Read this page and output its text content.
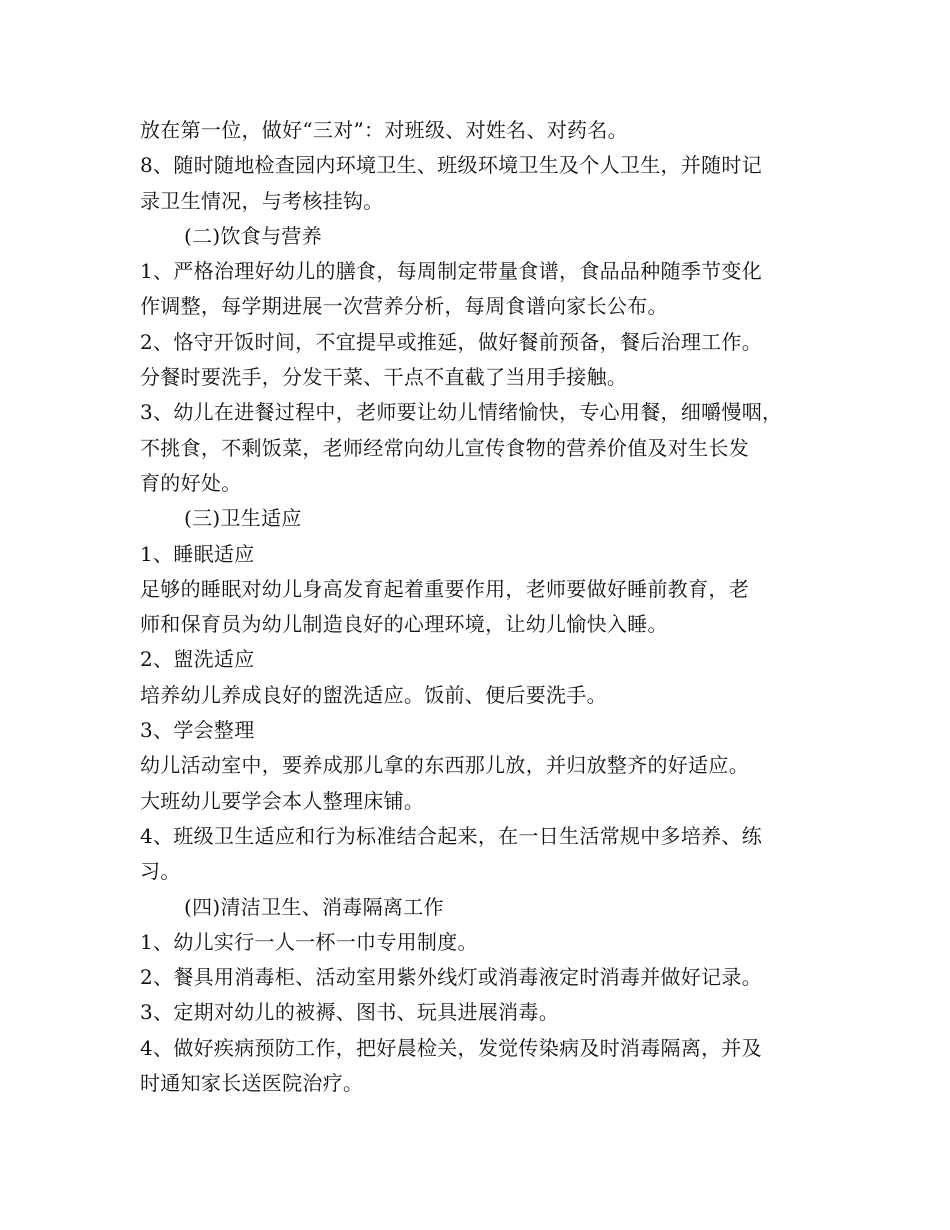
放在第一位，做好“三对”：对班级、对姓名、对药名。
8、随时随地检查园内环境卫生、班级环境卫生及个人卫生，并随时记
录卫生情况，与考核挂钩。
(二)饮食与营养
1、严格治理好幼儿的膳食，每周制定带量食谱，食品品种随季节变化
作调整，每学期进展一次营养分析，每周食谱向家长公布。
2、恪守开饭时间，不宜提早或推延，做好餐前预备，餐后治理工作。
分餐时要洗手，分发干菜、干点不直截了当用手接触。
3、幼儿在进餐过程中，老师要让幼儿情绪愉快，专心用餐，细嚼慢咽，
不挑食，不剩饭菜，老师经常向幼儿宣传食物的营养价值及对生长发
育的好处。
(三)卫生适应
1、睡眠适应
足够的睡眠对幼儿身高发育起着重要作用，老师要做好睡前教育，老
师和保育员为幼儿制造良好的心理环境，让幼儿愉快入睡。
2、盥洗适应
培养幼儿养成良好的盥洗适应。饭前、便后要洗手。
3、学会整理
幼儿活动室中，要养成那儿拿的东西那儿放，并归放整齐的好适应。
大班幼儿要学会本人整理床铺。
4、班级卫生适应和行为标准结合起来，在一日生活常规中多培养、练
习。
(四)清洁卫生、消毒隔离工作
1、幼儿实行一人一杯一巾专用制度。
2、餐具用消毒柜、活动室用紫外线灯或消毒液定时消毒并做好记录。
3、定期对幼儿的被褥、图书、玩具进展消毒。
4、做好疾病预防工作，把好晨检关，发觉传染病及时消毒隔离，并及
时通知家长送医院治疗。
